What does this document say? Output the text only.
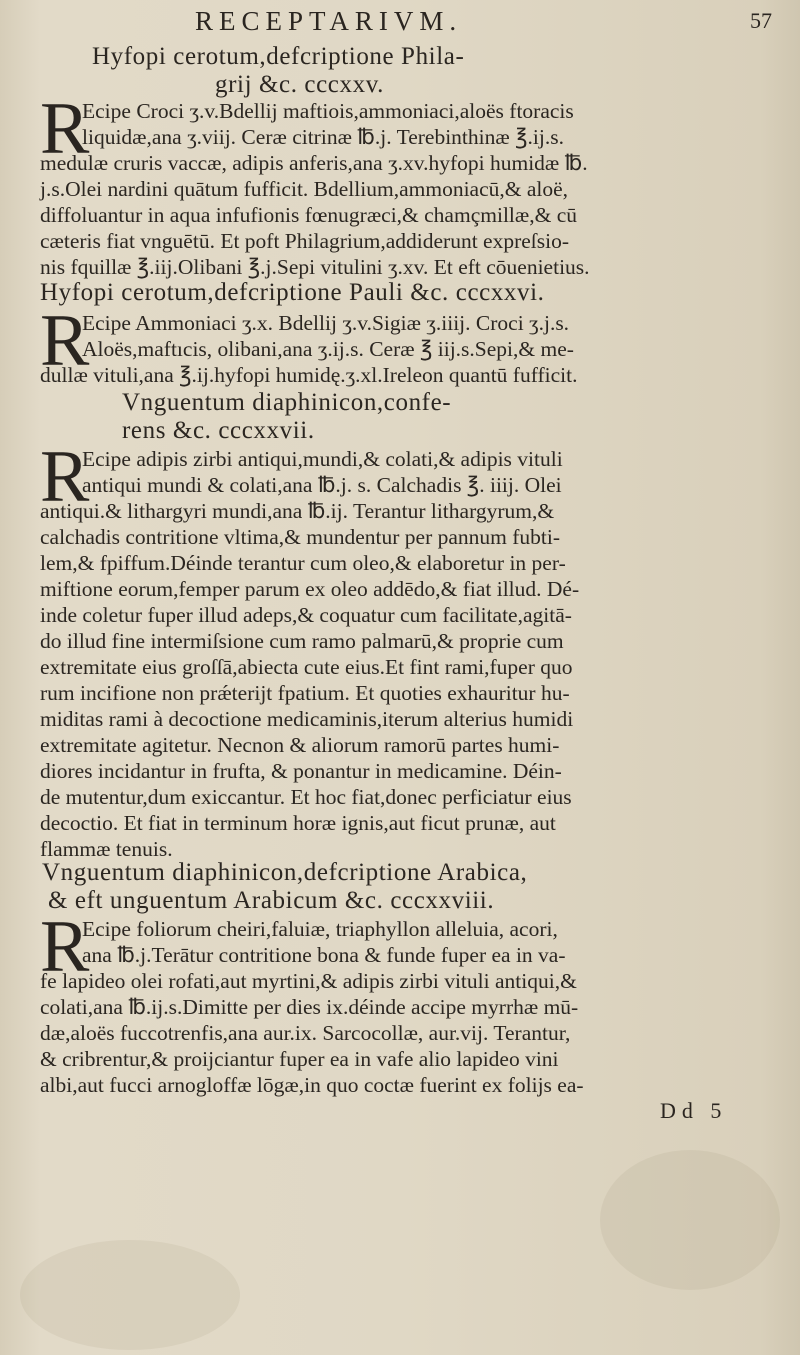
RECEPTARIVM.	57
Hyfopi cerotum,defcriptione Phila-
grij &c. cccxxv.
R
Ecipe Croci ʒ.v.Bdellij maftiois,ammoniaci,aloës ftoracis
liquidæ,ana ʒ.viij. Ceræ citrinæ ℔.j. Terebinthinæ ℥.ij.s.
medulæ cruris vaccæ, adipis anferis,ana ʒ.xv.hyfopi humidæ ℔.
j.s.Olei nardini quātum fufficit. Bdellium,ammoniacū,& aloë,
diffoluantur in aqua infufionis fœnugræci,& chamçmillæ,& cū
cæteris fiat vnguētū. Et poft Philagrium,addiderunt expreſsio-
nis fquillæ ℥.iij.Olibani ℥.j.Sepi vitulini ʒ.xv. Et eft cōuenietius.
Hyfopi cerotum,defcriptione Pauli &c. cccxxvi.
R
Ecipe Ammoniaci ʒ.x. Bdellij ʒ.v.Sigiæ ʒ.iiij. Croci ʒ.j.s.
Aloës,maftıcis, olibani,ana ʒ.ij.s. Ceræ ℥ iij.s.Sepi,& me-
dullæ vituli,ana ℥.ij.hyfopi humidę.ʒ.xl.Ireleon quantū fufficit.
Vnguentum diaphinicon,confe-
rens &c. cccxxvii.
R
Ecipe adipis zirbi antiqui,mundi,& colati,& adipis vituli
antiqui mundi & colati,ana ℔.j. s. Calchadis ℥. iiij. Olei
antiqui.& lithargyri mundi,ana ℔.ij. Terantur lithargyrum,&
calchadis contritione vltima,& mundentur per pannum fubti-
lem,& fpiffum.Déinde terantur cum oleo,& elaboretur in per-
miftione eorum,femper parum ex oleo addēdo,& fiat illud. Dé-
inde coletur fuper illud adeps,& coquatur cum facilitate,agitā-
do illud fine intermiſsione cum ramo palmarū,& proprie cum
extremitate eius groſſā,abiecta cute eius.Et fint rami,fuper quo
rum incifione non prǽterijt fpatium. Et quoties exhauritur hu-
miditas rami à decoctione medicaminis,iterum alterius humidi
extremitate agitetur. Necnon & aliorum ramorū partes humi-
diores incidantur in frufta, & ponantur in medicamine. Déin-
de mutentur,dum exiccantur. Et hoc fiat,donec perficiatur eius
decoctio. Et fiat in terminum horæ ignis,aut ficut prunæ, aut
flammæ tenuis.
Vnguentum diaphinicon,defcriptione Arabica,
& eft unguentum Arabicum &c. cccxxviii.
R
Ecipe foliorum cheiri,faluiæ, triaphyllon alleluia, acori,
ana ℔.j.Terātur contritione bona & funde fuper ea in va-
fe lapideo olei rofati,aut myrtini,& adipis zirbi vituli antiqui,&
colati,ana ℔.ij.s.Dimitte per dies ix.déinde accipe myrrhæ mū-
dæ,aloës fuccotrenfis,ana aur.ix. Sarcocollæ, aur.vij. Terantur,
& cribrentur,& proijciantur fuper ea in vafe alio lapideo vini
albi,aut fucci arnogloffæ lōgæ,in quo coctæ fuerint ex folijs ea-
Dd 5
